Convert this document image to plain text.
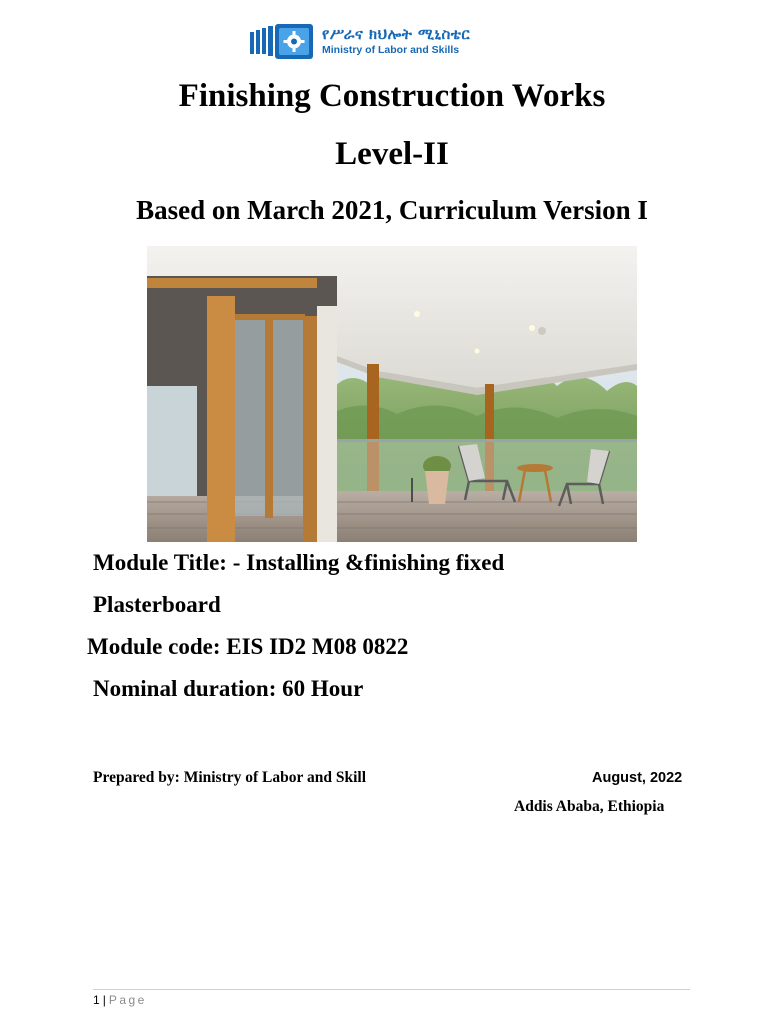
የሥራና ክህሎት ሚኒስቴር
Ministry of Labor and Skills
Finishing Construction Works
Level-II
Based on March 2021, Curriculum Version I
Module Title: - Installing &finishing fixed
Plasterboard
Module code: EIS ID2 M08 0822
Nominal duration: 60 Hour
Prepared by: Ministry of Labor and Skill	August, 2022
Addis Ababa, Ethiopia
1 | Page
